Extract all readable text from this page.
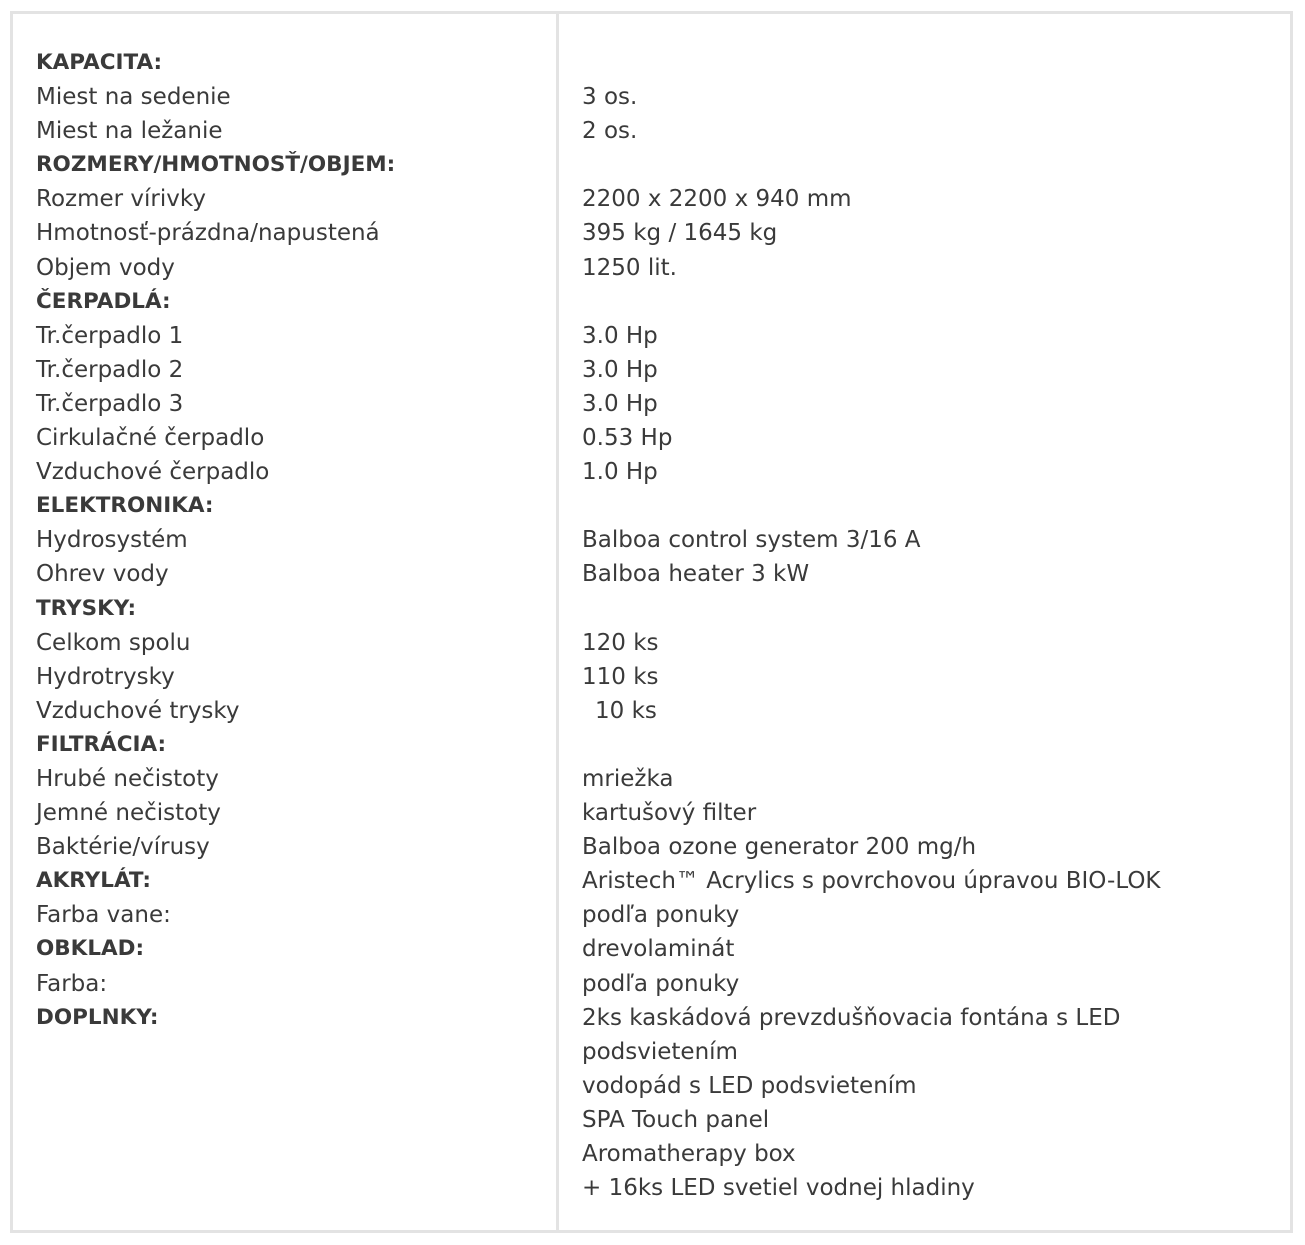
KAPACITA:
Miest na sedenie
Miest na ležanie
ROZMERY/HMOTNOSŤ/OBJEM:
Rozmer vírivky
Hmotnosť-prázdna/napustená
Objem vody
ČERPADLÁ:
Tr.čerpadlo 1
Tr.čerpadlo 2
Tr.čerpadlo 3
Cirkulačné čerpadlo
Vzduchové čerpadlo
ELEKTRONIKA:
Hydrosystém
Ohrev vody
TRYSKY:
Celkom spolu
Hydrotrysky
Vzduchové trysky
FILTRÁCIA:
Hrubé nečistoty
Jemné nečistoty
Baktérie/vírusy
AKRYLÁT:
Farba vane:
OBKLAD:
Farba:
DOPLNKY:
3 os.
2 os.
2200 x 2200 x 940 mm
395 kg / 1645 kg
1250 lit.
3.0 Hp
3.0 Hp
3.0 Hp
0.53 Hp
1.0 Hp
Balboa control system 3/16 A
Balboa heater 3 kW
120 ks
110 ks
10 ks
mriežka
kartušový filter
Balboa ozone generator 200 mg/h
Aristech™ Acrylics s povrchovou úpravou BIO-LOK
podľa ponuky
drevolaminát
podľa ponuky
2ks kaskádová prevzdušňovacia fontána s LED
podsvietením
vodopád s LED podsvietením
SPA Touch panel
Aromatherapy box
+ 16ks LED svetiel vodnej hladiny
